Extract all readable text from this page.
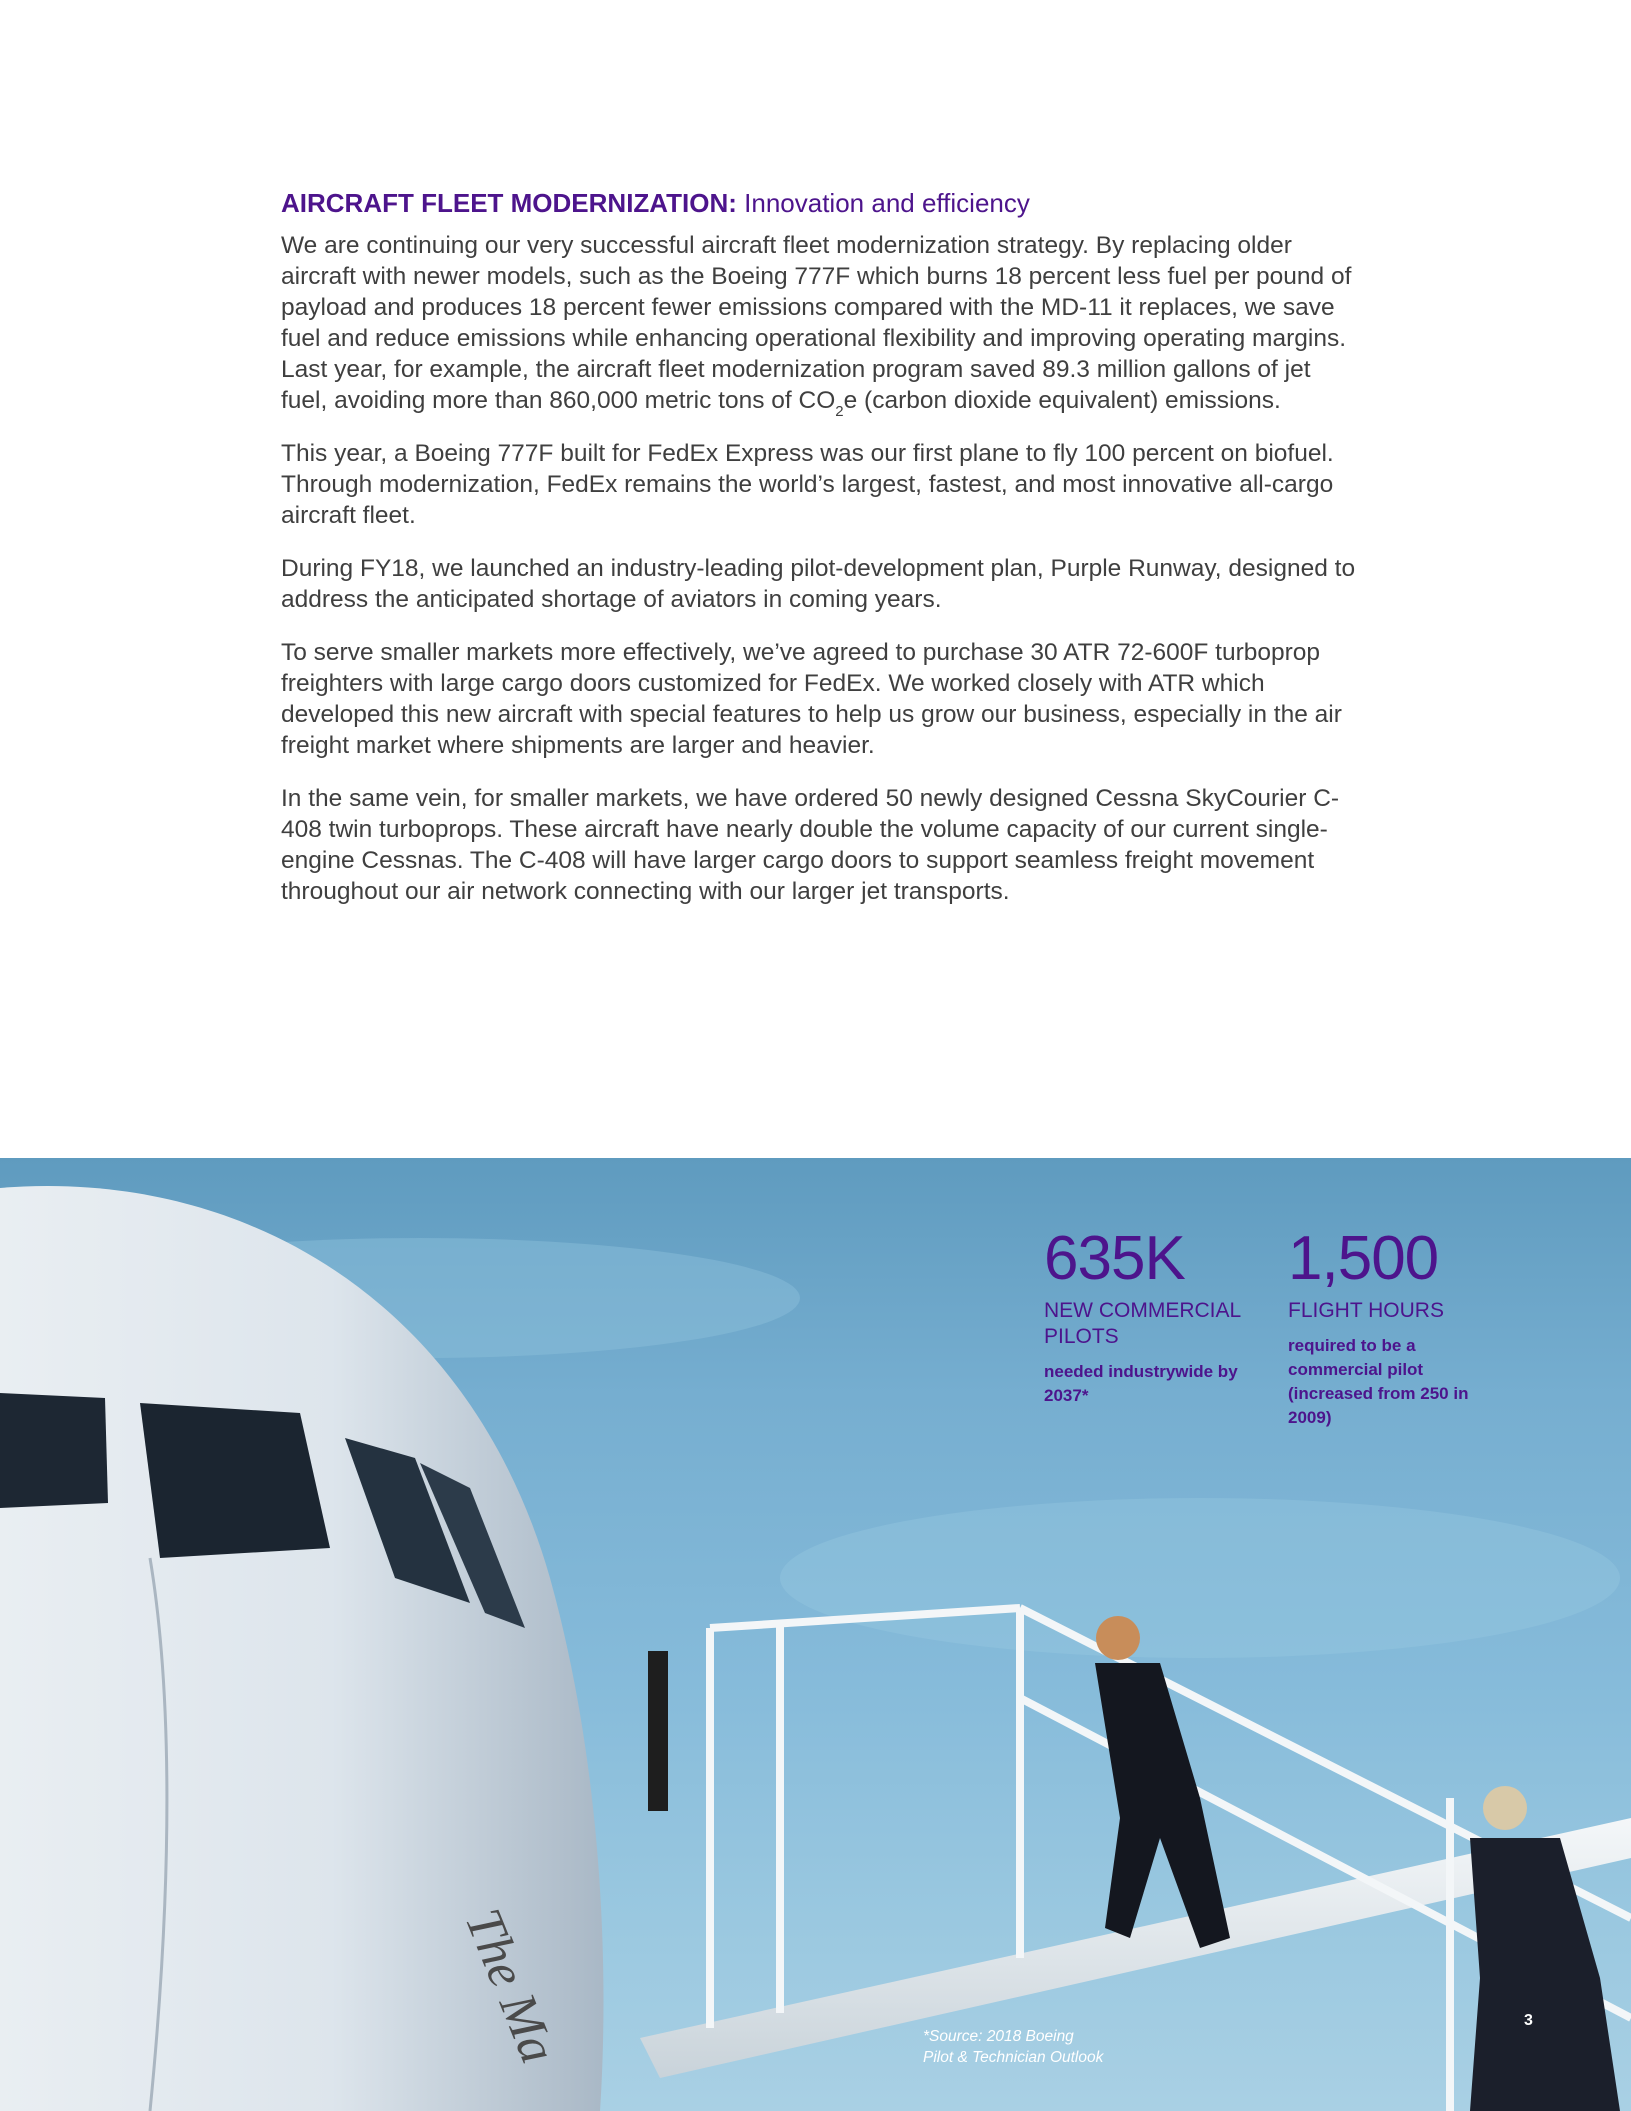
AIRCRAFT FLEET MODERNIZATION: Innovation and efficiency

We are continuing our very successful aircraft fleet modernization strategy. By replacing older aircraft with newer models, such as the Boeing 777F which burns 18 percent less fuel per pound of payload and produces 18 percent fewer emissions compared with the MD-11 it replaces, we save fuel and reduce emissions while enhancing operational flexibility and improving operating margins. Last year, for example, the aircraft fleet modernization program saved 89.3 million gallons of jet fuel, avoiding more than 860,000 metric tons of $CO_2e$ (carbon dioxide equivalent) emissions.

This year, a Boeing 777F built for FedEx Express was our first plane to fly 100 percent on biofuel. Through modernization, FedEx remains the world’s largest, fastest, and most innovative all-cargo aircraft fleet.

During FY18, we launched an industry-leading pilot-development plan, Purple Runway, designed to address the anticipated shortage of aviators in coming years.

To serve smaller markets more effectively, we’ve agreed to purchase 30 ATR 72-600F turboprop freighters with large cargo doors customized for FedEx. We worked closely with ATR which developed this new aircraft with special features to help us grow our business, especially in the air freight market where shipments are larger and heavier.

In the same vein, for smaller markets, we have ordered 50 newly designed Cessna SkyCourier C-408 twin turboprops. These aircraft have nearly double the volume capacity of our current single-engine Cessnas. The C-408 will have larger cargo doors to support seamless freight movement throughout our air network connecting with our larger jet transports.

The Ma
635K
NEW COMMERCIAL PILOTS
needed industrywide by 2037*
1,500
FLIGHT HOURS
required to be a commercial pilot (increased from 250 in 2009)
*Source: 2018 Boeing
Pilot & Technician Outlook
3
